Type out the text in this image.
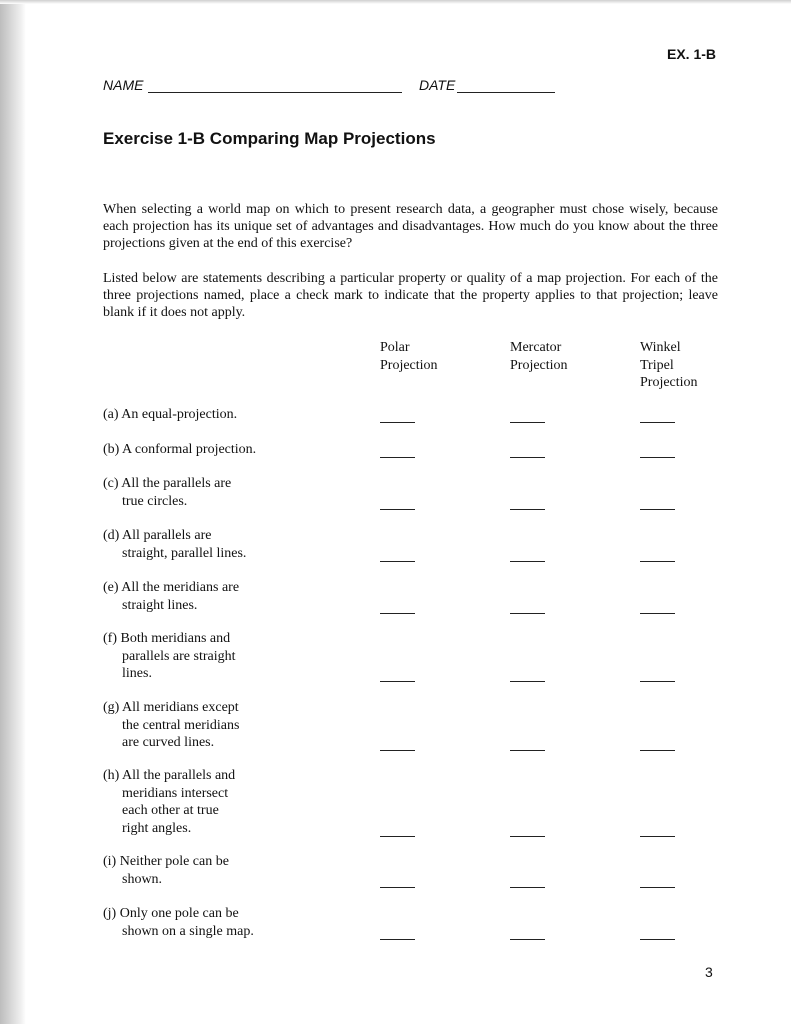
EX. 1-B
NAME	DATE
Exercise 1-B Comparing Map Projections

When selecting a world map on which to present research data, a geographer must chose wisely, because each projection has its unique set of advantages and disadvantages. How much do you know about the three projections given at the end of this exercise?

Listed below are statements describing a particular property or quality of a map projection. For each of the three projections named, place a check mark to indicate that the property applies to that projection; leave blank if it does not apply.

Polar
Projection
Mercator
Projection
Winkel
Tripel
Projection
(a) An equal-projection.
(b) A conformal projection.
(c) All the parallels are
true circles.
(d) All parallels are
straight, parallel lines.
(e) All the meridians are
straight lines.
(f) Both meridians and
parallels are straight
lines.
(g) All meridians except
the central meridians
are curved lines.
(h) All the parallels and
meridians intersect
each other at true
right angles.
(i) Neither pole can be
shown.
(j) Only one pole can be
shown on a single map.
3
